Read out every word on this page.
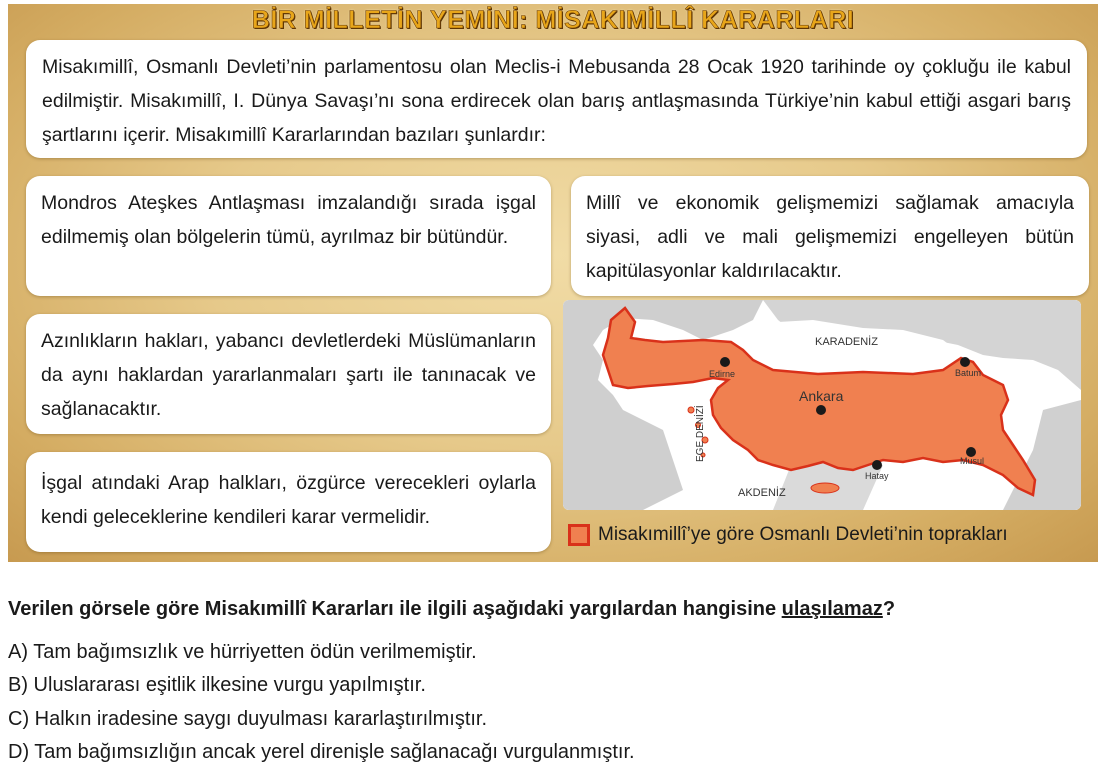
BİR MİLLETİN YEMİNİ: MİSAKIMİLLÎ KARARLARI

Misakımillî, Osmanlı Devleti’nin parlamentosu olan Meclis-i Mebusanda 28 Ocak 1920 tarihinde oy çokluğu ile kabul edilmiştir. Misakımillî, I. Dünya Savaşı’nı sona erdirecek olan barış antlaşmasında Türkiye’nin kabul ettiği asgari barış şartlarını içerir. Misakımillî Kararlarından bazıları şunlardır:

Mondros Ateşkes Antlaşması imzalandığı sırada işgal edilmemiş olan bölgelerin tümü, ayrılmaz bir bütündür.

Millî ve ekonomik gelişmemizi sağlamak amacıyla siyasi, adli ve mali gelişmemizi engelleyen bütün kapitülasyonlar kaldırılacaktır.

Azınlıkların hakları, yabancı devletlerdeki Müslümanların da aynı haklardan yararlanmaları şartı ile tanınacak ve sağlanacaktır.

İşgal atındaki Arap halkları, özgürce verecekleri oylarla kendi geleceklerine kendileri karar vermelidir.

KARADENİZ
EGE DENİZİ
AKDENİZ
Edirne
Ankara
Batum
Musul
Hatay
Misakımillî’ye göre Osmanlı Devleti’nin toprakları
Verilen görsele göre Misakımillî Kararları ile ilgili aşağıdaki yargılardan hangisine ulaşılamaz?
A) Tam bağımsızlık ve hürriyetten ödün verilmemiştir.
B) Uluslararası eşitlik ilkesine vurgu yapılmıştır.
C) Halkın iradesine saygı duyulması kararlaştırılmıştır.
D) Tam bağımsızlığın ancak yerel direnişle sağlanacağı vurgulanmıştır.
